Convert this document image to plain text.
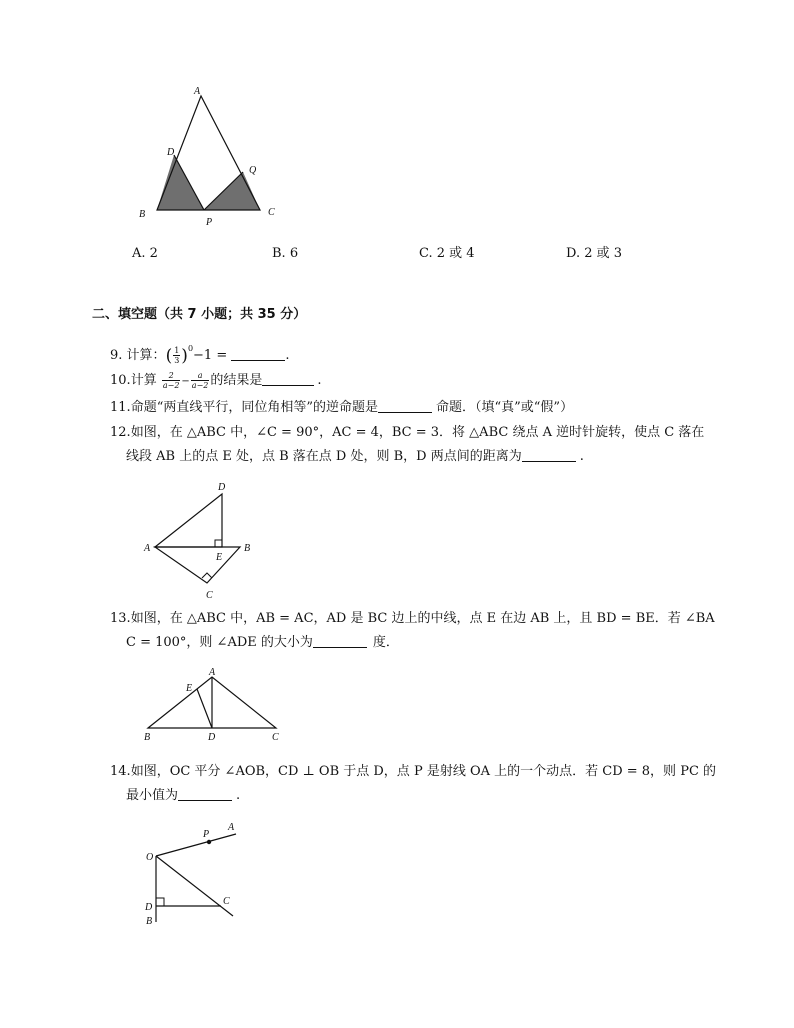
A
D
Q
B
P
C
A. 2	B. 6	C. 2 或 4	D. 2 或 3
二、填空题（共 7 小题；共 35 分）
9. 计算：( $\frac{1}{3} )^0-1$ =	.
10.计算 $\frac{2}{a-2} - \frac{a}{a-2}$ 的结果是	.
11.命题“两直线平行，同位角相等”的逆命题是	命题．（填“真”或“假”）
12.如图，在 △ABC 中，∠C = 90°，AC = 4，BC = 3．将 △ABC 绕点 A 逆时针旋转，使点 C 落在
线段 AB 上的点 E 处，点 B 落在点 D 处，则 B，D 两点间的距离为	.
D
A	B
E
C
13.如图，在 △ABC 中，AB = AC，AD 是 BC 边上的中线，点 E 在边 AB 上，且 BD = BE．若 ∠BA
C = 100°，则 ∠ADE 的大小为	度．
A
E
B	D	C
14.如图，OC 平分 ∠AOB，CD ⊥ OB 于点 D，点 P 是射线 OA 上的一个动点．若 CD = 8，则 PC 的
最小值为	.
P
A
O
C
D
B
